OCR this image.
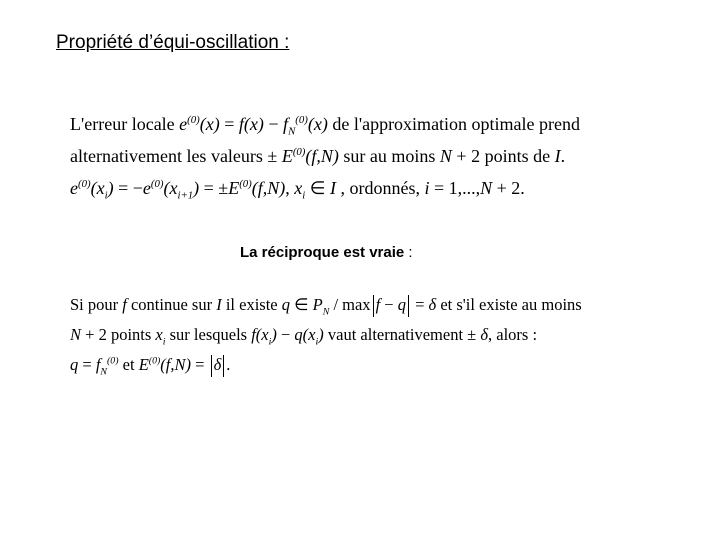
Propriété d’équi-oscillation :
L'erreur locale $e^{(0)}(x) = f(x) - f_N^{(0)}(x)$ de l'approximation optimale prend
alternativement les valeurs ± $E^{(0)}(f,N)$ sur au moins N + 2 points de I.
$e^{(0)}(x_i) = -e^{(0)}(x_{i+1}) = \pm E^{(0)}(f,N)$, $x_i$ ∈ I , ordonnés, i = 1,...,N + 2.
La réciproque est vraie :
Si pour f continue sur I il existe q ∈ $P_N / \max f - q = \delta$ et s'il existe au moins
N + 2 points $x_i$ sur lesquels $f(x_i) - q(x_i)$ vaut alternativement ± δ, alors :
$q = f_N^{(0)}$ et $E^{(0)}(f,N) = \delta$ .
